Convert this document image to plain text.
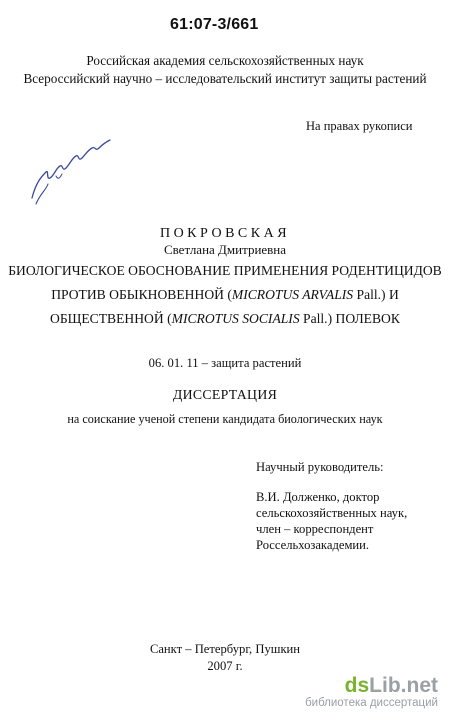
61:07-3/661
Российская академия сельскохозяйственных наук
Всероссийский научно – исследовательский институт защиты растений
На правах рукописи
ПОКРОВСКАЯ
Светлана Дмитриевна
БИОЛОГИЧЕСКОЕ ОБОСНОВАНИЕ ПРИМЕНЕНИЯ РОДЕНТИЦИДОВ
ПРОТИВ ОБЫКНОВЕННОЙ (MICROTUS ARVALIS Pall.) И
ОБЩЕСТВЕННОЙ (MICROTUS SOCIALIS Pall.) ПОЛЕВОК
06. 01. 11 – защита растений
ДИССЕРТАЦИЯ
на соискание ученой степени кандидата биологических наук
Научный руководитель:
В.И. Долженко, доктор
сельскохозяйственных наук,
член – корреспондент
Россельхозакадемии.
Санкт – Петербург, Пушкин
2007 г.
dsLib.net
библиотека диссертаций
